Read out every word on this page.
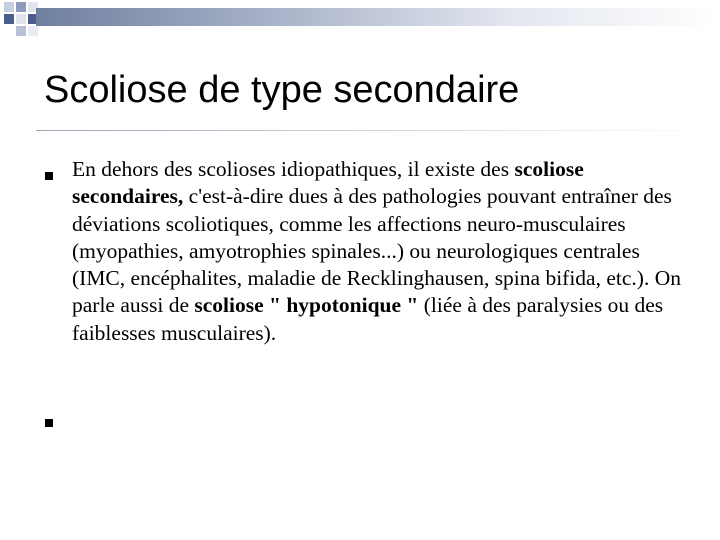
Scoliose de type secondaire

En dehors des scolioses idiopathiques, il existe des scoliose secondaires, c'est-à-dire dues à des pathologies pouvant entraîner des déviations scoliotiques, comme les affections neuro-musculaires (myopathies, amyotrophies spinales...) ou neurologiques centrales (IMC, encéphalites, maladie de Recklinghausen, spina bifida, etc.). On parle aussi de scoliose " hypotonique " (liée à des paralysies ou des faiblesses musculaires).
